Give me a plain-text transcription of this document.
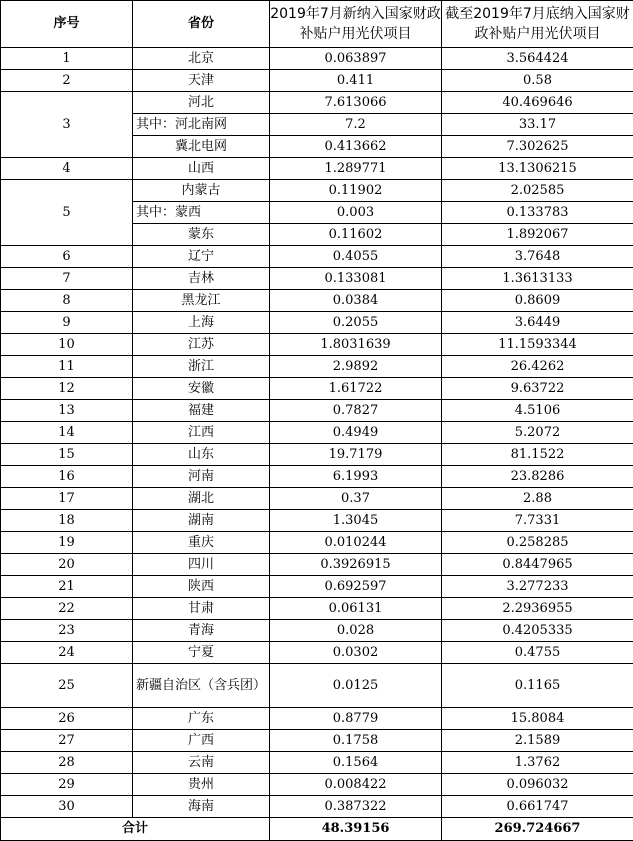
序号	省份	2019年7月新纳入国家财政补贴户用光伏项目	截至2019年7月底纳入国家财政补贴户用光伏项目
1	北京	0.063897	3.564424
2	天津	0.411	0.58
3	河北	7.613066	40.469646
	其中：河北南网	7.2	33.17
	冀北电网	0.413662	7.302625
4	山西	1.289771	13.1306215
5	内蒙古	0.11902	2.02585
	其中：蒙西	0.003	0.133783
	蒙东	0.11602	1.892067
6	辽宁	0.4055	3.7648
7	吉林	0.133081	1.3613133
8	黑龙江	0.0384	0.8609
9	上海	0.2055	3.6449
10	江苏	1.8031639	11.1593344
11	浙江	2.9892	26.4262
12	安徽	1.61722	9.63722
13	福建	0.7827	4.5106
14	江西	0.4949	5.2072
15	山东	19.7179	81.1522
16	河南	6.1993	23.8286
17	湖北	0.37	2.88
18	湖南	1.3045	7.7331
19	重庆	0.010244	0.258285
20	四川	0.3926915	0.8447965
21	陕西	0.692597	3.277233
22	甘肃	0.06131	2.2936955
23	青海	0.028	0.4205335
24	宁夏	0.0302	0.4755
25	新疆自治区（含兵团）	0.0125	0.1165
26	广东	0.8779	15.8084
27	广西	0.1758	2.1589
28	云南	0.1564	1.3762
29	贵州	0.008422	0.096032
30	海南	0.387322	0.661747
合计		48.39156	269.724667
